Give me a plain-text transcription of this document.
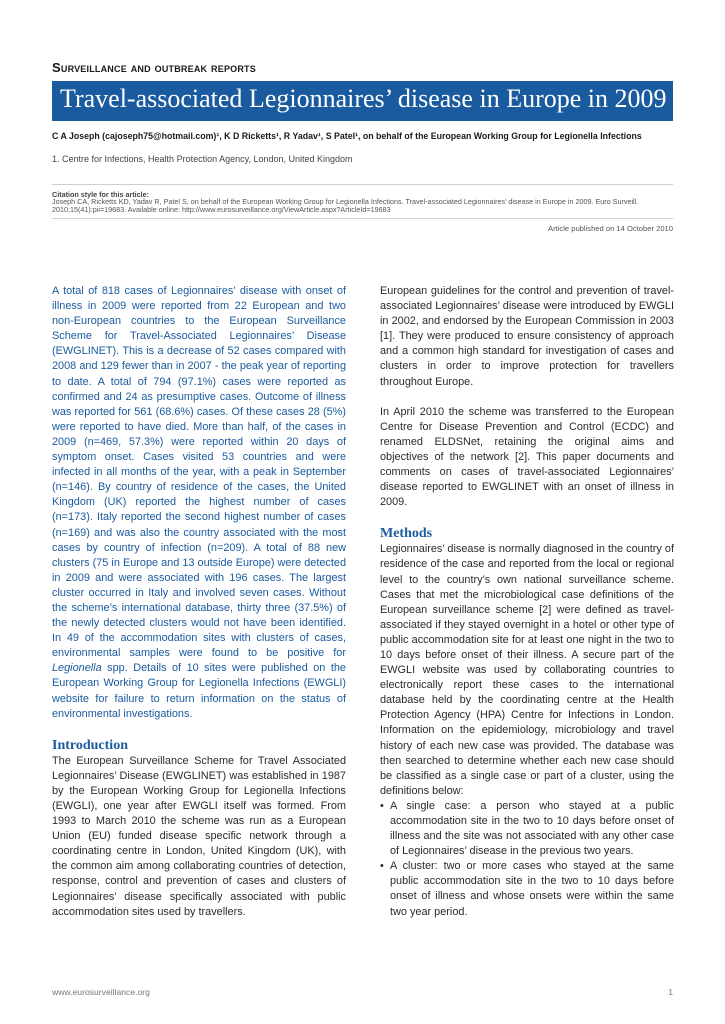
Surveillance and outbreak reports
Travel-associated Legionnaires’ disease in Europe in 2009
C A Joseph (cajoseph75@hotmail.com)¹, K D Ricketts¹, R Yadav¹, S Patel¹, on behalf of the European Working Group for Legionella Infections
1. Centre for Infections, Health Protection Agency, London, United Kingdom
Citation style for this article:
Joseph CA, Ricketts KD, Yadav R, Patel S, on behalf of the European Working Group for Legionella Infections. Travel-associated Legionnaires’ disease in Europe in 2009. Euro Surveill. 2010;15(41):pii=19683. Available online: http://www.eurosurveillance.org/ViewArticle.aspx?ArticleId=19683
Article published on 14 October 2010

A total of 818 cases of Legionnaires’ disease with onset of illness in 2009 were reported from 22 European and two non-European countries to the European Surveillance Scheme for Travel-Associated Legionnaires’ Disease (EWGLINET). This is a decrease of 52 cases compared with 2008 and 129 fewer than in 2007 - the peak year of reporting to date. A total of 794 (97.1%) cases were reported as confirmed and 24 as presumptive cases. Outcome of illness was reported for 561 (68.6%) cases. Of these cases 28 (5%) were reported to have died. More than half, of the cases in 2009 (n=469, 57.3%) were reported within 20 days of symptom onset. Cases visited 53 countries and were infected in all months of the year, with a peak in September (n=146). By country of residence of the cases, the United Kingdom (UK) reported the highest number of cases (n=173). Italy reported the second highest number of cases (n=169) and was also the country associated with the most cases by country of infection (n=209). A total of 88 new clusters (75 in Europe and 13 outside Europe) were detected in 2009 and were associated with 196 cases. The largest cluster occurred in Italy and involved seven cases. Without the scheme’s international database, thirty three (37.5%) of the newly detected clusters would not have been identified. In 49 of the accommodation sites with clusters of cases, environmental samples were found to be positive for Legionella spp. Details of 10 sites were published on the European Working Group for Legionella Infections (EWGLI) website for failure to return information on the status of environmental investigations.

Introduction

The European Surveillance Scheme for Travel Associated Legionnaires’ Disease (EWGLINET) was established in 1987 by the European Working Group for Legionella Infections (EWGLI), one year after EWGLI itself was formed. From 1993 to March 2010 the scheme was run as a European Union (EU) funded disease specific network through a coordinating centre in London, United Kingdom (UK), with the common aim among collaborating countries of detection, response, control and prevention of cases and clusters of Legionnaires’ disease specifically associated with public accommodation sites used by travellers.

European guidelines for the control and prevention of travel-associated Legionnaires’ disease were introduced by EWGLI in 2002, and endorsed by the European Commission in 2003 [1]. They were produced to ensure consistency of approach and a common high standard for investigation of cases and clusters in order to improve protection for travellers throughout Europe.

In April 2010 the scheme was transferred to the European Centre for Disease Prevention and Control (ECDC) and renamed ELDSNet, retaining the original aims and objectives of the network [2]. This paper documents and comments on cases of travel-associated Legionnaires’ disease reported to EWGLINET with an onset of illness in 2009.

Methods

Legionnaires’ disease is normally diagnosed in the country of residence of the case and reported from the local or regional level to the country’s own national surveillance scheme. Cases that met the microbiological case definitions of the European surveillance scheme [2] were defined as travel-associated if they stayed overnight in a hotel or other type of public accommodation site for at least one night in the two to 10 days before onset of their illness. A secure part of the EWGLI website was used by collaborating countries to electronically report these cases to the international database held by the coordinating centre at the Health Protection Agency (HPA) Centre for Infections in London. Information on the epidemiology, microbiology and travel history of each new case was provided. The database was then searched to determine whether each new case should be classified as a single case or part of a cluster, using the definitions below:

• A single case: a person who stayed at a public accommodation site in the two to 10 days before onset of illness and the site was not associated with any other case of Legionnaires’ disease in the previous two years.
• A cluster: two or more cases who stayed at the same public accommodation site in the two to 10 days before onset of illness and whose onsets were within the same two year period.
www.eurosurveillance.org	1
